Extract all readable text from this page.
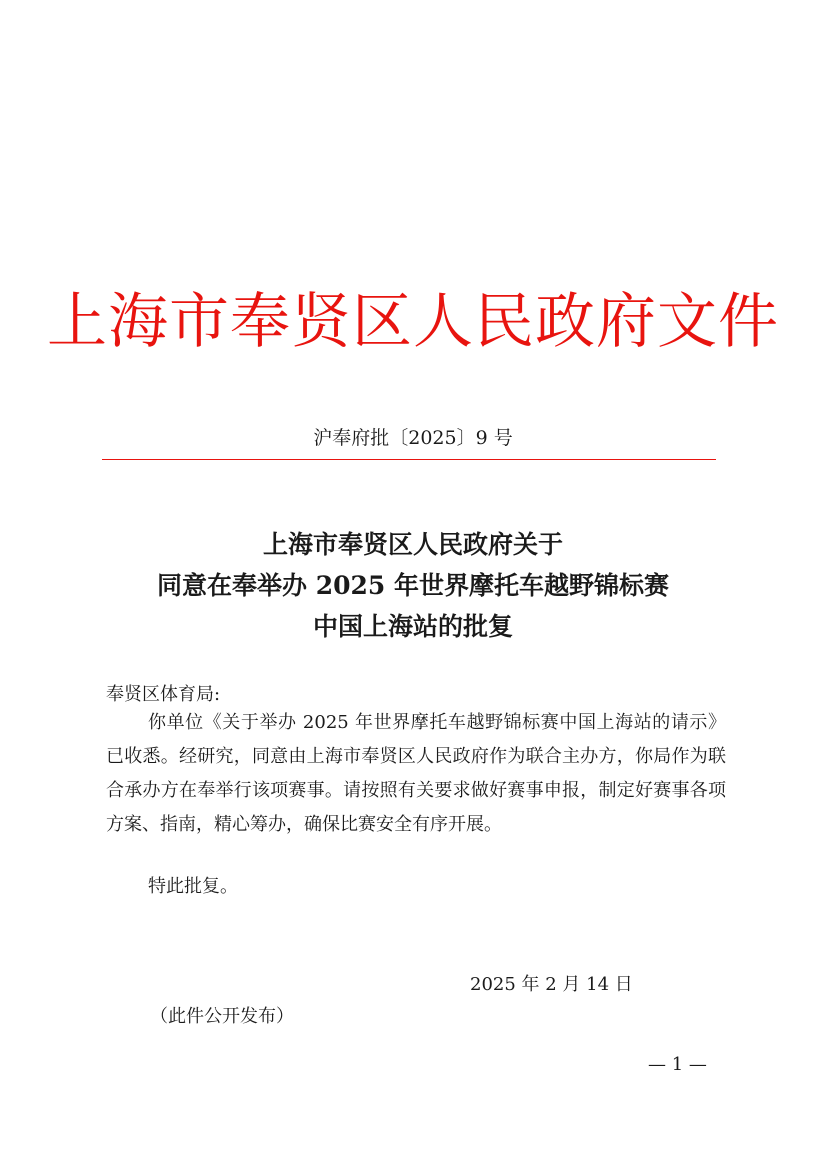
上海市奉贤区人民政府文件
沪奉府批〔2025〕9 号
上海市奉贤区人民政府关于
同意在奉举办 2025 年世界摩托车越野锦标赛
中国上海站的批复
奉贤区体育局:
你单位《关于举办 2025 年世界摩托车越野锦标赛中国上海站的请示》已收悉。经研究，同意由上海市奉贤区人民政府作为联合主办方，你局作为联合承办方在奉举行该项赛事。请按照有关要求做好赛事申报，制定好赛事各项方案、指南，精心筹办，确保比赛安全有序开展。
特此批复。
2025 年 2 月 14 日
（此件公开发布）
— 1 —
